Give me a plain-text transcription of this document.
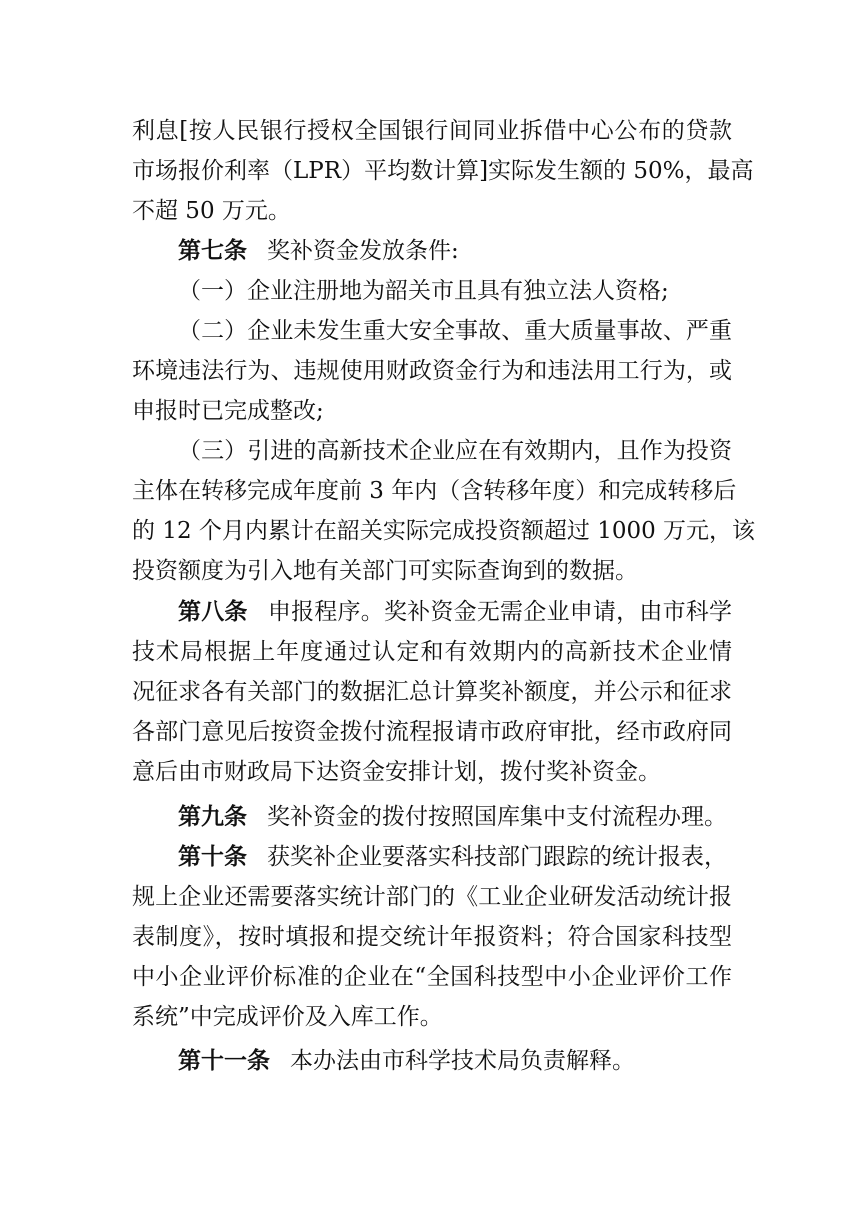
利息[按人民银行授权全国银行间同业拆借中心公布的贷款
市场报价利率（LPR）平均数计算]实际发生额的 50%，最高
不超 50 万元。
第七条 奖补资金发放条件:
（一）企业注册地为韶关市且具有独立法人资格;
（二）企业未发生重大安全事故、重大质量事故、严重
环境违法行为、违规使用财政资金行为和违法用工行为，或
申报时已完成整改;
（三）引进的高新技术企业应在有效期内，且作为投资
主体在转移完成年度前 3 年内（含转移年度）和完成转移后
的 12 个月内累计在韶关实际完成投资额超过 1000 万元，该
投资额度为引入地有关部门可实际查询到的数据。
第八条 申报程序。奖补资金无需企业申请，由市科学
技术局根据上年度通过认定和有效期内的高新技术企业情
况征求各有关部门的数据汇总计算奖补额度，并公示和征求
各部门意见后按资金拨付流程报请市政府审批，经市政府同
意后由市财政局下达资金安排计划，拨付奖补资金。
第九条 奖补资金的拨付按照国库集中支付流程办理。
第十条 获奖补企业要落实科技部门跟踪的统计报表，
规上企业还需要落实统计部门的《工业企业研发活动统计报
表制度》，按时填报和提交统计年报资料；符合国家科技型
中小企业评价标准的企业在“全国科技型中小企业评价工作
系统”中完成评价及入库工作。
第十一条 本办法由市科学技术局负责解释。
